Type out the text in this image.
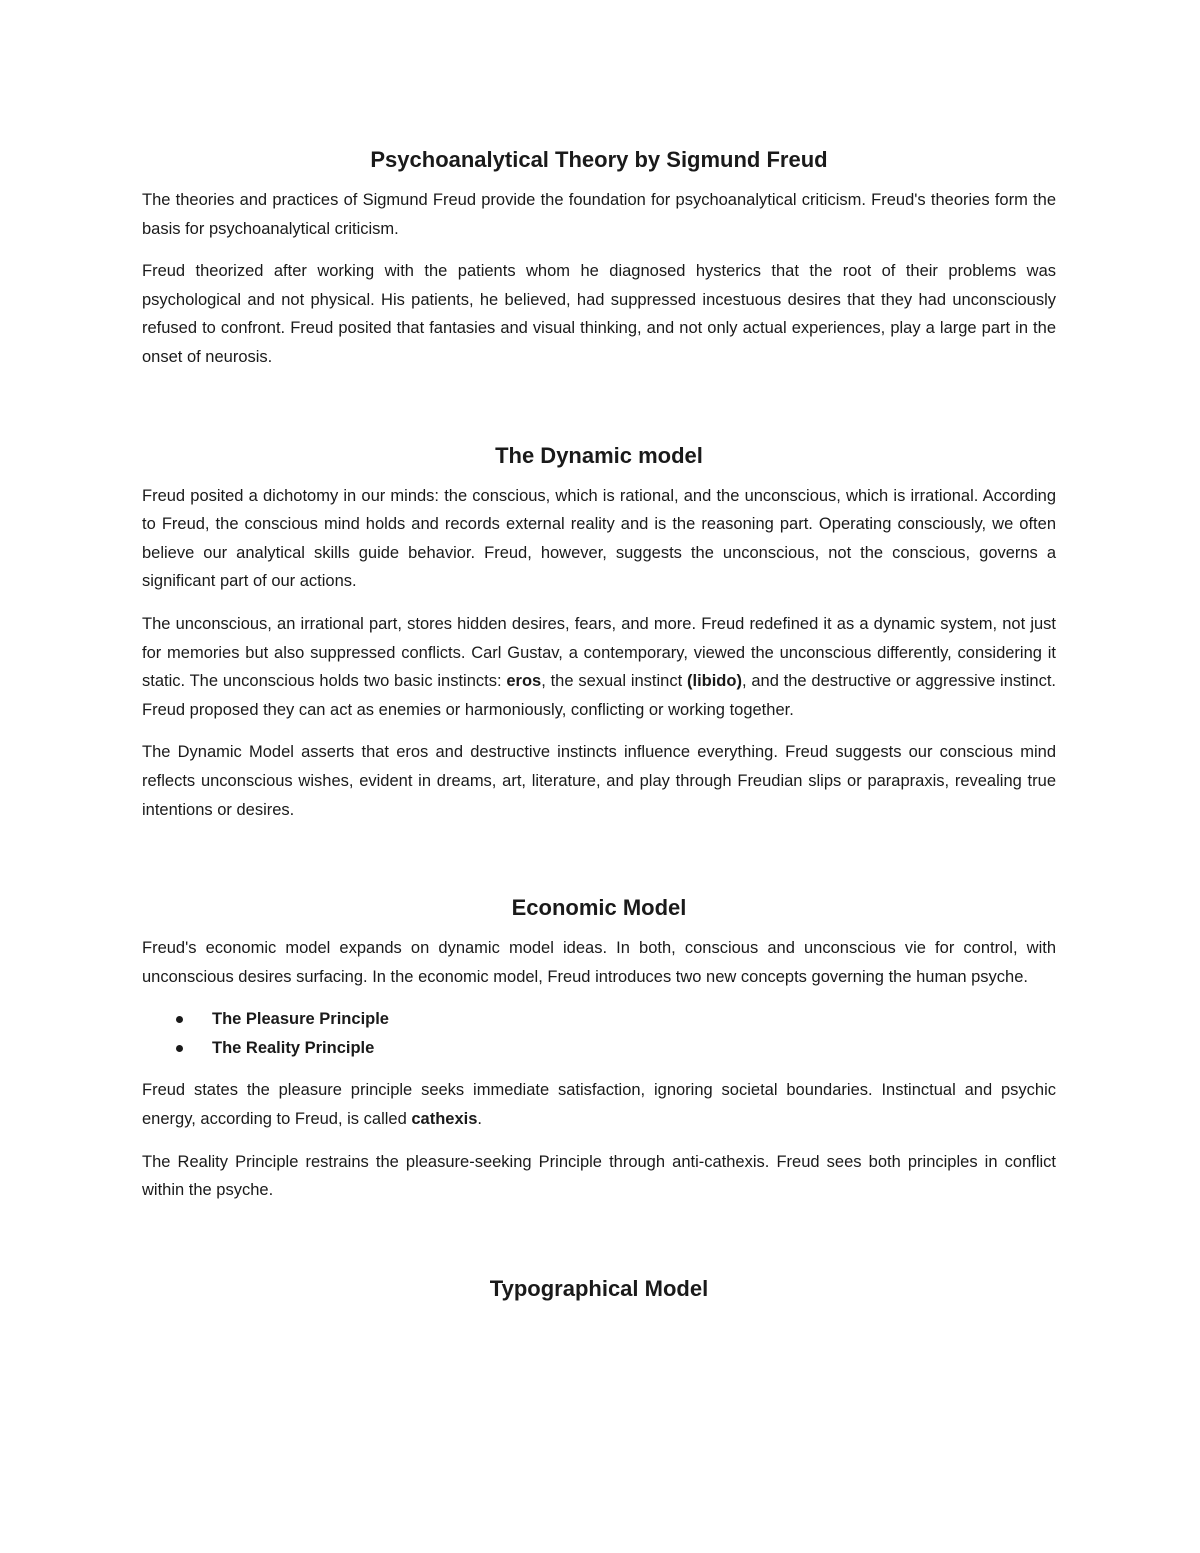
Psychoanalytical Theory by Sigmund Freud

The theories and practices of Sigmund Freud provide the foundation for psychoanalytical criticism. Freud's theories form the basis for psychoanalytical criticism.

Freud theorized after working with the patients whom he diagnosed hysterics that the root of their problems was psychological and not physical. His patients, he believed, had suppressed incestuous desires that they had unconsciously refused to confront. Freud posited that fantasies and visual thinking, and not only actual experiences, play a large part in the onset of neurosis.

The Dynamic model

Freud posited a dichotomy in our minds: the conscious, which is rational, and the unconscious, which is irrational. According to Freud, the conscious mind holds and records external reality and is the reasoning part. Operating consciously, we often believe our analytical skills guide behavior. Freud, however, suggests the unconscious, not the conscious, governs a significant part of our actions.

The unconscious, an irrational part, stores hidden desires, fears, and more. Freud redefined it as a dynamic system, not just for memories but also suppressed conflicts. Carl Gustav, a contemporary, viewed the unconscious differently, considering it static. The unconscious holds two basic instincts: eros, the sexual instinct (libido), and the destructive or aggressive instinct. Freud proposed they can act as enemies or harmoniously, conflicting or working together.

The Dynamic Model asserts that eros and destructive instincts influence everything. Freud suggests our conscious mind reflects unconscious wishes, evident in dreams, art, literature, and play through Freudian slips or parapraxis, revealing true intentions or desires.

Economic Model

Freud's economic model expands on dynamic model ideas. In both, conscious and unconscious vie for control, with unconscious desires surfacing. In the economic model, Freud introduces two new concepts governing the human psyche.

The Pleasure Principle
The Reality Principle

Freud states the pleasure principle seeks immediate satisfaction, ignoring societal boundaries. Instinctual and psychic energy, according to Freud, is called cathexis.

The Reality Principle restrains the pleasure-seeking Principle through anti-cathexis. Freud sees both principles in conflict within the psyche.

Typographical Model
